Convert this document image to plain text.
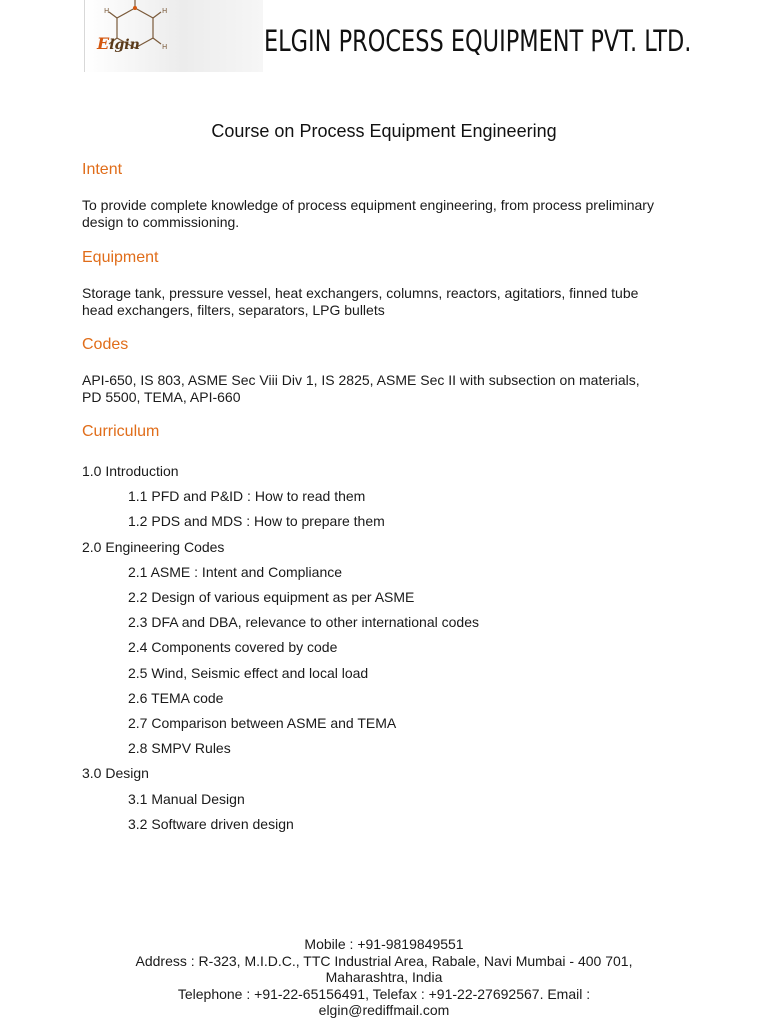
H	H
H
Elgin	ELGIN PROCESS EQUIPMENT PVT. LTD.
Course on Process Equipment Engineering
Intent

To provide complete knowledge of process equipment engineering, from process preliminary design to commissioning.

Equipment

Storage tank, pressure vessel, heat exchangers, columns, reactors, agitatiors, finned tube head exchangers, filters, separators, LPG bullets

Codes

API-650, IS 803, ASME Sec Viii Div 1, IS 2825, ASME Sec II with subsection on materials, PD 5500, TEMA, API-660

Curriculum
1.0 Introduction
1.1 PFD and P&ID : How to read them
1.2 PDS and MDS : How to prepare them
2.0 Engineering Codes
2.1 ASME : Intent and Compliance
2.2 Design of various equipment as per ASME
2.3 DFA and DBA, relevance to other international codes
2.4 Components covered by code
2.5 Wind, Seismic effect and local load
2.6 TEMA code
2.7 Comparison between ASME and TEMA
2.8 SMPV Rules
3.0 Design
3.1 Manual Design
3.2 Software driven design
Mobile : +91-9819849551
Address : R-323, M.I.D.C., TTC Industrial Area, Rabale, Navi Mumbai - 400 701,
Maharashtra, India
Telephone : +91-22-65156491, Telefax : +91-22-27692567. Email :
elgin@rediffmail.com
